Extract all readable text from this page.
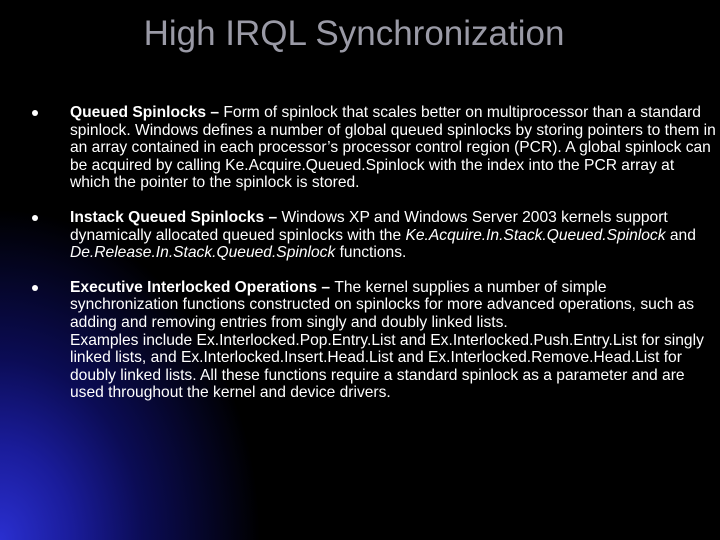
High IRQL Synchronization
Queued Spinlocks – Form of spinlock that scales better on multiprocessor than a standard spinlock. Windows defines a number of global queued spinlocks by storing pointers to them in an array contained in each processor’s processor control region (PCR). A global spinlock can be acquired by calling Ke.Acquire.Queued.Spinlock with the index into the PCR array at which the pointer to the spinlock is stored.
Instack Queued Spinlocks – Windows XP and Windows Server 2003 kernels support dynamically allocated queued spinlocks with the Ke.Acquire.In.Stack.Queued.Spinlock and De.Release.In.Stack.Queued.Spinlock functions.
Executive Interlocked Operations – The kernel supplies a number of simple synchronization functions constructed on spinlocks for more advanced operations, such as adding and removing entries from singly and doubly linked lists.
Examples include Ex.Interlocked.Pop.Entry.List and Ex.Interlocked.Push.Entry.List for singly linked lists, and Ex.Interlocked.Insert.Head.List and Ex.Interlocked.Remove.Head.List for doubly linked lists. All these functions require a standard spinlock as a parameter and are used throughout the kernel and device drivers.
